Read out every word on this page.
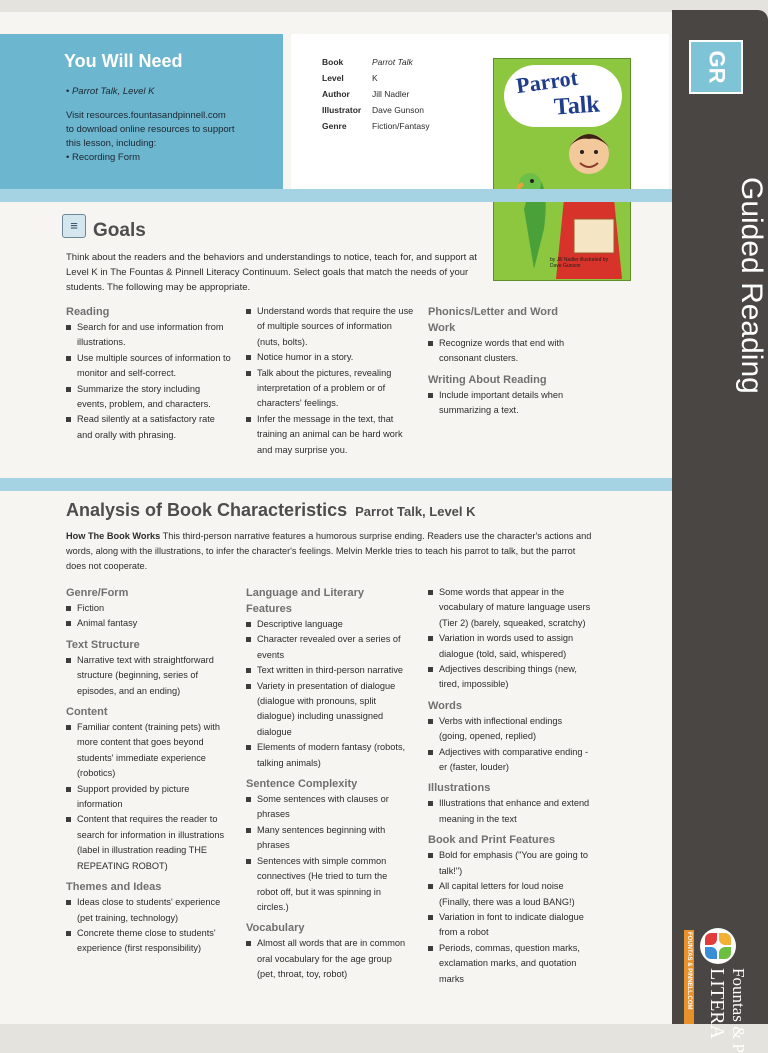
GR
Guided Reading
FOUNTAS & PINNELL.COM Fountas & P
LITERA
You Will Need
• Parrot Talk, Level K
Visit resources.fountasandpinnell.com
to download online resources to support
this lesson, including:
• Recording Form
Book	Parrot Talk
Level	K
Author	Jill Nadler
Illustrator Dave Gunson
Genre	Fiction/Fantasy
Parrot
Talk
by Jill Nadler illustrated by Dave Gunson
≡ Goals
Think about the readers and the behaviors and understandings to notice, teach for, and support at Level K in The Fountas & Pinnell Literacy Continuum. Select goals that match the needs of your students. The following may be appropriate.
Reading
Search for and use information from illustrations.
Use multiple sources of information to monitor and self-correct.
Summarize the story including events, problem, and characters.
Read silently at a satisfactory rate and orally with phrasing.
Understand words that require the use of multiple sources of information (nuts, bolts).
Notice humor in a story.
Talk about the pictures, revealing interpretation of a problem or of characters' feelings.
Infer the message in the text, that training an animal can be hard work and may surprise you.
Phonics/Letter and Word Work
Recognize words that end with consonant clusters.
Writing About Reading
Include important details when summarizing a text.
Analysis of Book Characteristics Parrot Talk, Level K
How The Book Works This third-person narrative features a humorous surprise ending. Readers use the character's actions and words, along with the illustrations, to infer the character's feelings. Melvin Merkle tries to teach his parrot to talk, but the parrot does not cooperate.
Genre/Form
Fiction
Animal fantasy
Text Structure
Narrative text with straightforward structure (beginning, series of episodes, and an ending)
Content
Familiar content (training pets) with more content that goes beyond students' immediate experience (robotics)
Support provided by picture information
Content that requires the reader to search for information in illustrations (label in illustration reading THE REPEATING ROBOT)
Themes and Ideas
Ideas close to students' experience (pet training, technology)
Concrete theme close to students' experience (first responsibility)
Language and Literary Features
Descriptive language
Character revealed over a series of events
Text written in third-person narrative
Variety in presentation of dialogue (dialogue with pronouns, split dialogue) including unassigned dialogue
Elements of modern fantasy (robots, talking animals)
Sentence Complexity
Some sentences with clauses or phrases
Many sentences beginning with phrases
Sentences with simple common connectives (He tried to turn the robot off, but it was spinning in circles.)
Vocabulary
Almost all words that are in common oral vocabulary for the age group (pet, throat, toy, robot)
Some words that appear in the vocabulary of mature language users (Tier 2) (barely, squeaked, scratchy)
Variation in words used to assign dialogue (told, said, whispered)
Adjectives describing things (new, tired, impossible)
Words
Verbs with inflectional endings (going, opened, replied)
Adjectives with comparative ending -er (faster, louder)
Illustrations
Illustrations that enhance and extend meaning in the text
Book and Print Features
Bold for emphasis ("You are going to talk!")
All capital letters for loud noise (Finally, there was a loud BANG!)
Variation in font to indicate dialogue from a robot
Periods, commas, question marks, exclamation marks, and quotation marks
